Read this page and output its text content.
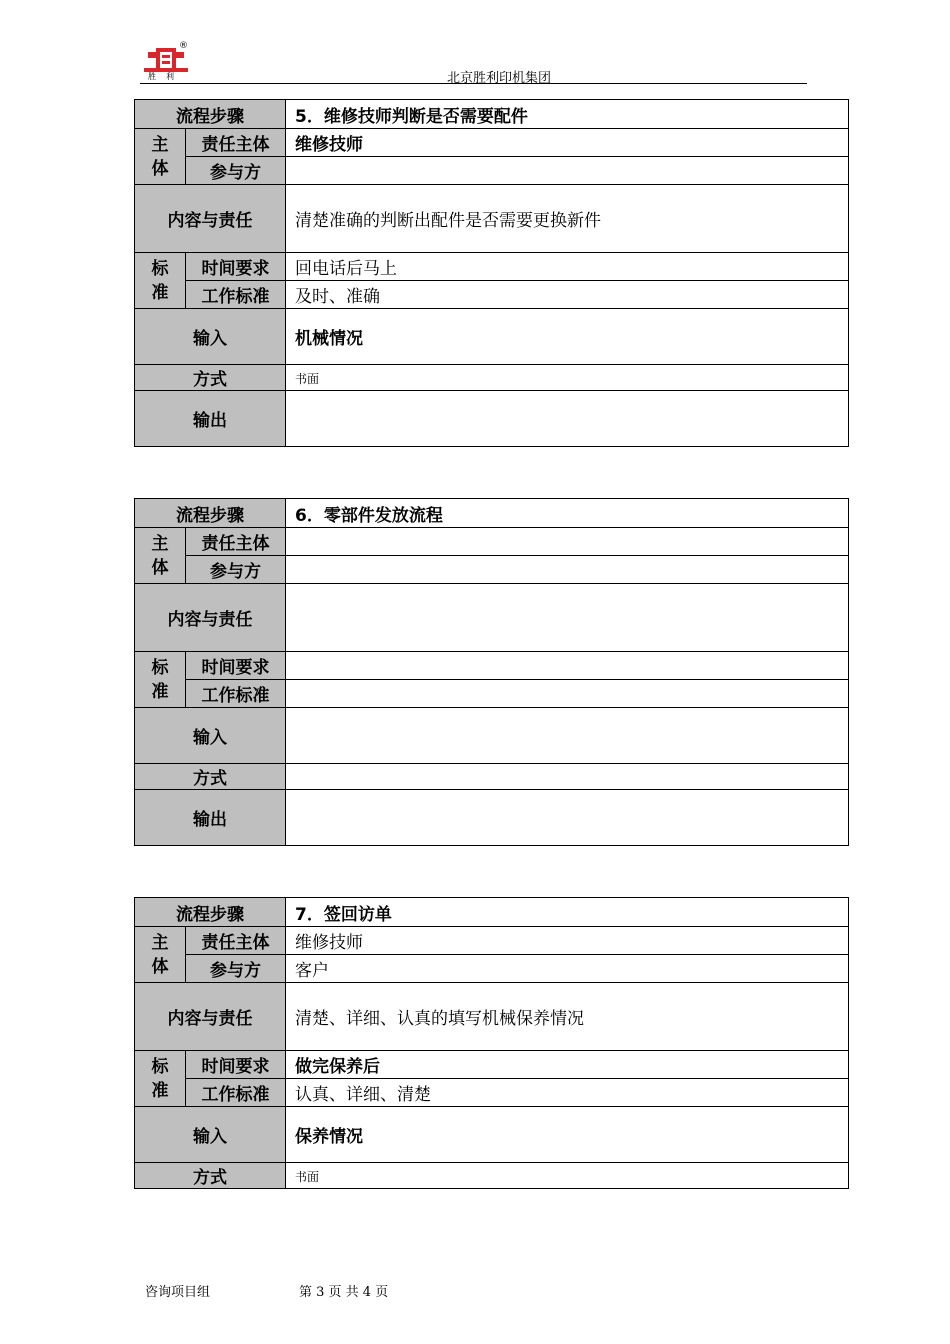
®
胜利	北京胜利印机集团
流程步骤		5．维修技师判断是否需要配件

主
体	责任主体	维修技师
	参与方	
内容与责任		清楚准确的判断出配件是否需要更换新件

标
准	时间要求	回电话后马上
	工作标准	及时、准确
输入		机械情况
方式		书面
输出		
流程步骤		6．零部件发放流程

主
体	责任主体	
	参与方	
内容与责任		

标
准	时间要求	
	工作标准	
输入		
方式		
输出		
流程步骤		7．签回访单

主
体	责任主体	维修技师
	参与方	客户
内容与责任		清楚、详细、认真的填写机械保养情况

标
准	时间要求	做完保养后
	工作标准	认真、详细、清楚
输入		保养情况
方式		书面
咨询项目组	第 3 页 共 4 页
